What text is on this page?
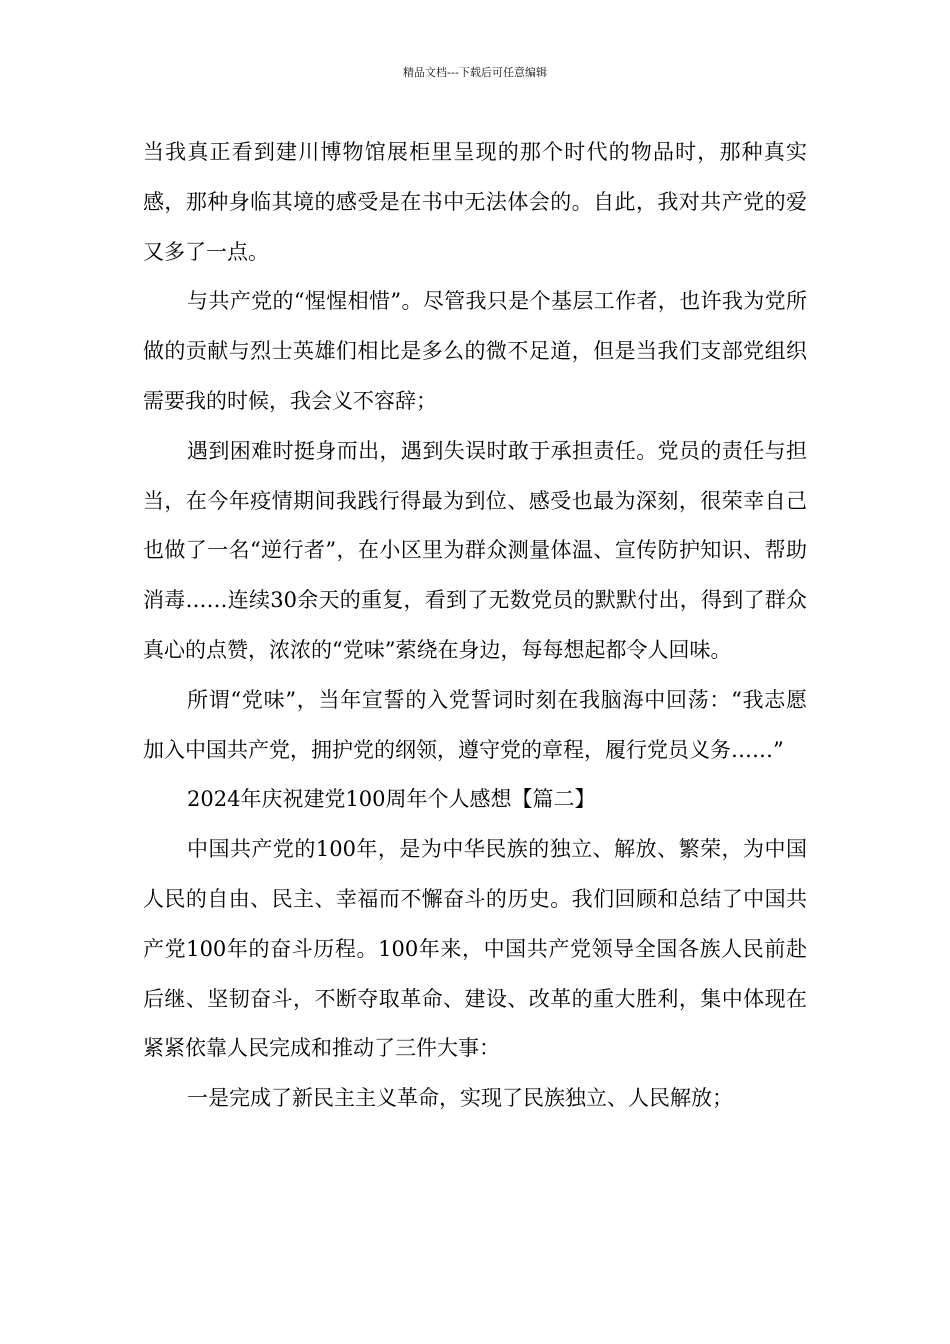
精品文档---下载后可任意编辑

当我真正看到建川博物馆展柜里呈现的那个时代的物品时，那种真实感，那种身临其境的感受是在书中无法体会的。自此，我对共产党的爱又多了一点。

与共产党的“惺惺相惜”。尽管我只是个基层工作者，也许我为党所做的贡献与烈士英雄们相比是多么的微不足道，但是当我们支部党组织需要我的时候，我会义不容辞；

遇到困难时挺身而出，遇到失误时敢于承担责任。党员的责任与担当，在今年疫情期间我践行得最为到位、感受也最为深刻，很荣幸自己也做了一名“逆行者”，在小区里为群众测量体温、宣传防护知识、帮助消毒……连续30余天的重复，看到了无数党员的默默付出，得到了群众真心的点赞，浓浓的“党味”萦绕在身边，每每想起都令人回味。

所谓“党味”，当年宣誓的入党誓词时刻在我脑海中回荡：“我志愿加入中国共产党，拥护党的纲领，遵守党的章程，履行党员义务……”

2024年庆祝建党100周年个人感想【篇二】

中国共产党的100年，是为中华民族的独立、解放、繁荣，为中国人民的自由、民主、幸福而不懈奋斗的历史。我们回顾和总结了中国共产党100年的奋斗历程。100年来，中国共产党领导全国各族人民前赴后继、坚韧奋斗，不断夺取革命、建设、改革的重大胜利，集中体现在紧紧依靠人民完成和推动了三件大事：

一是完成了新民主主义革命，实现了民族独立、人民解放；
